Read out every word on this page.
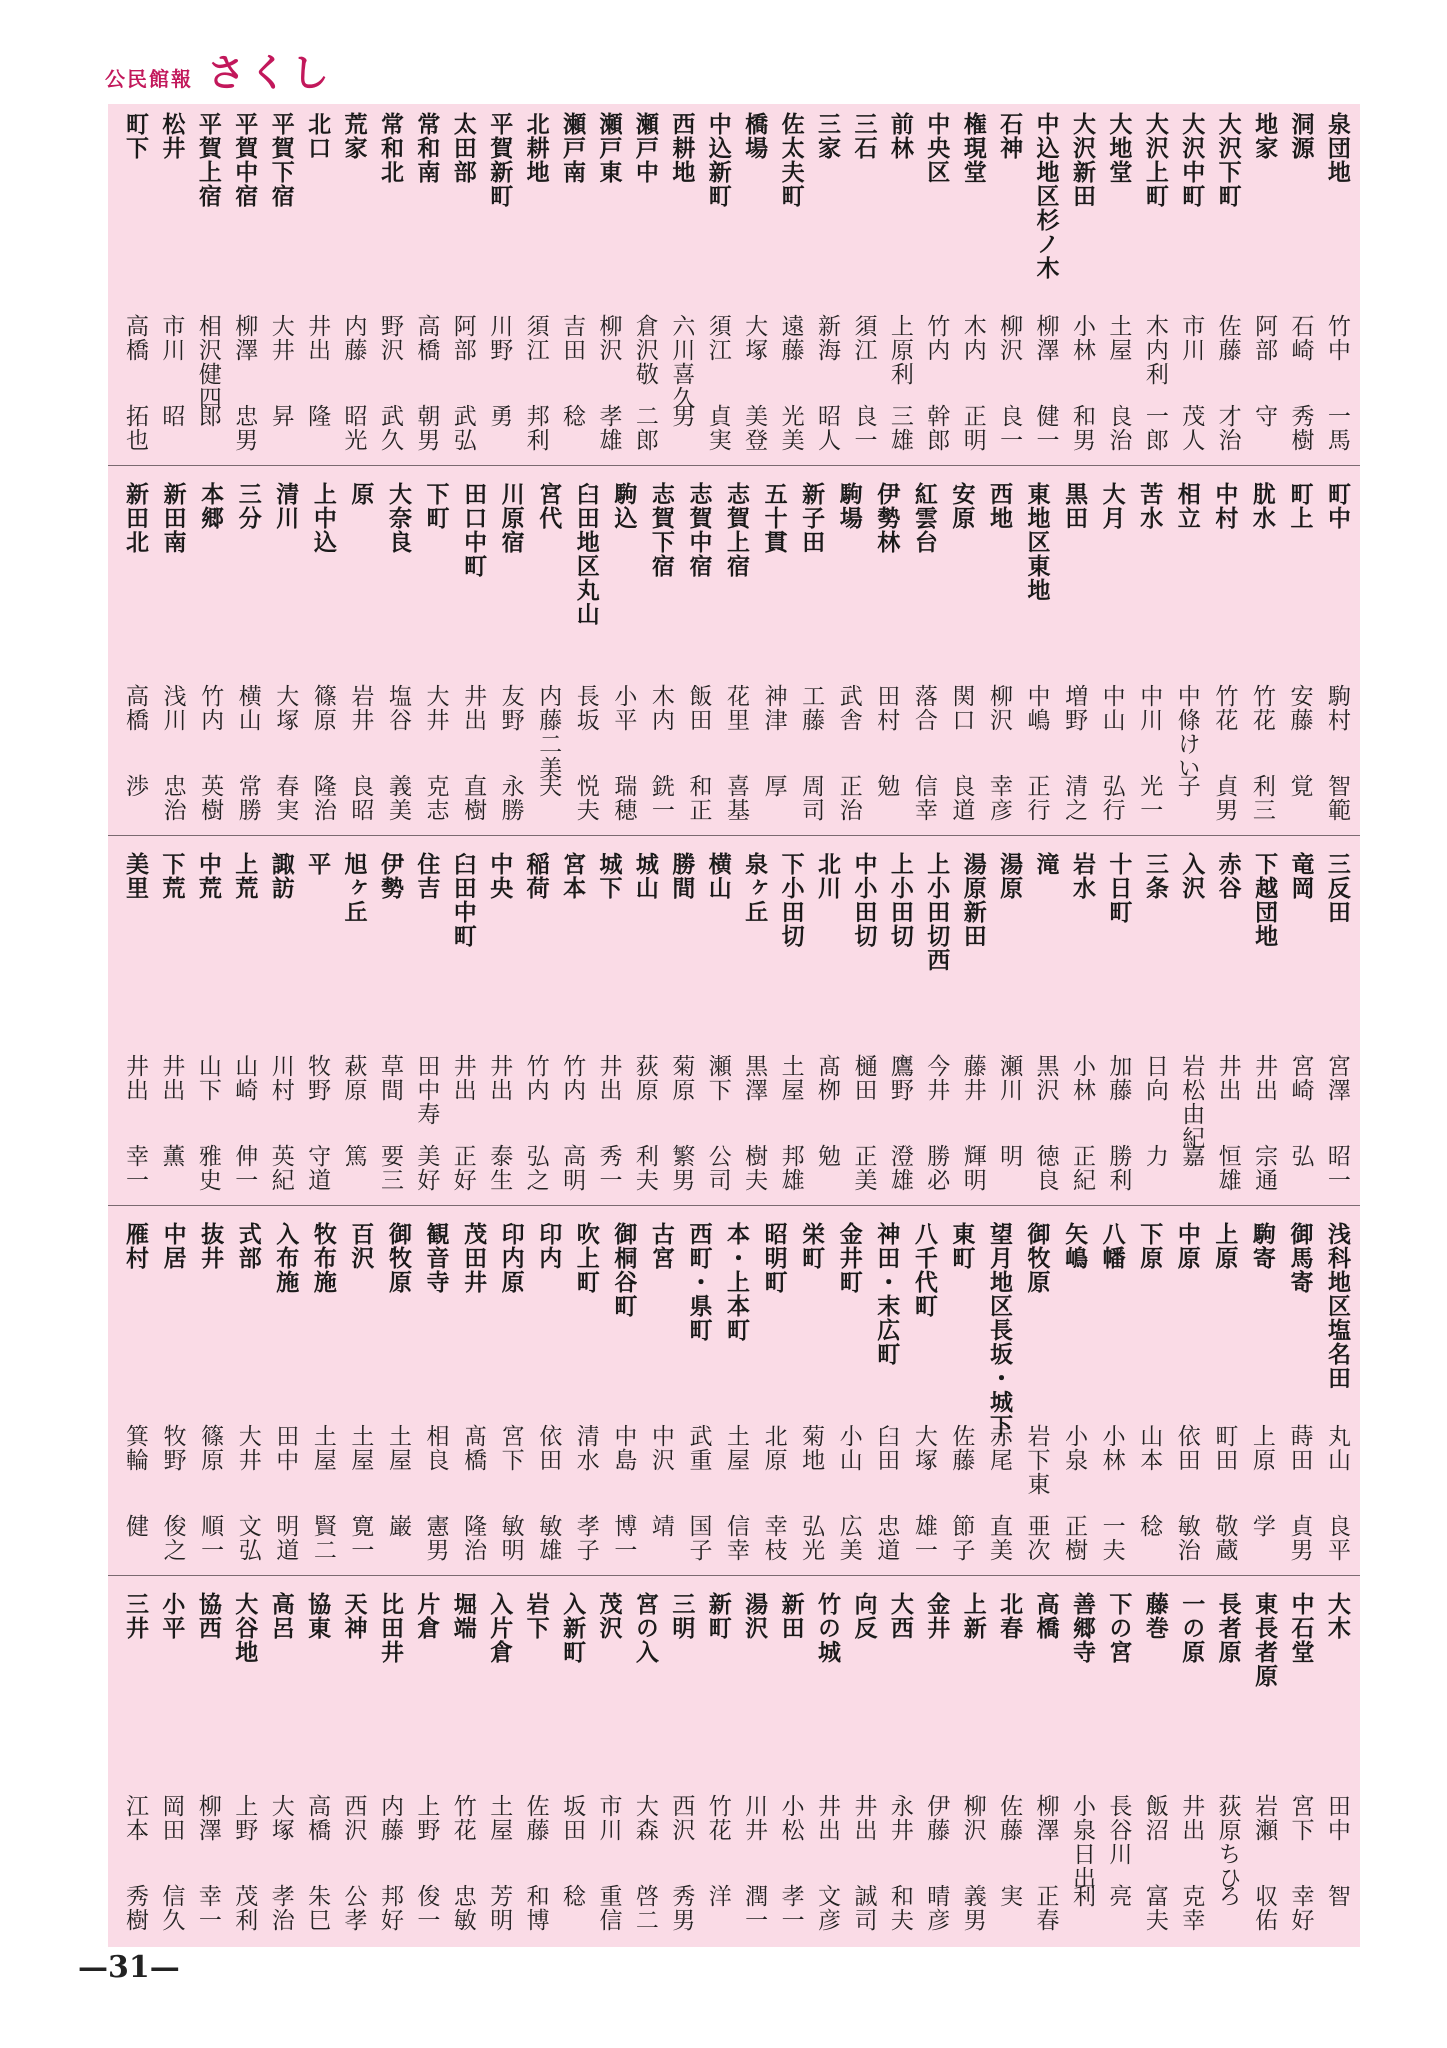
公民館報 さくし
泉団地
竹中
一馬
洞源
石崎
秀樹
地家
阿部
守
大沢下町
佐藤
才治
大沢中町
市川
茂人
大沢上町
木内利
一郎
大地堂
土屋
良治
大沢新田
小林
和男
中込地区杉ノ木
柳澤
健一
石神
柳沢
良一
権現堂
木内
正明
中央区
竹内
幹郎
前林
上原利
三雄
三石
須江
良一
三家
新海
昭人
佐太夫町
遠藤
光美
橋場
大塚
美登
中込新町
須江
貞実
西耕地
六川喜久
男
瀬戸中
倉沢敬
二郎
瀬戸東
柳沢
孝雄
瀬戸南
吉田
稔
北耕地
須江
邦利
平賀新町
川野
勇
太田部
阿部
武弘
常和南
高橋
朝男
常和北
野沢
武久
荒家
内藤
昭光
北口
井出
隆
平賀下宿
大井
昇
平賀中宿
柳澤
忠男
平賀上宿
相沢健四
郎
松井
市川
昭
町下
高橋
拓也
町中
駒村
智範
町上
安藤
覚
肬水
竹花
利三
中村
竹花
貞男
相立
中條けい
子
苦水
中川
光一
大月
中山
弘行
黒田
増野
清之
東地区東地
中嶋
正行
西地
柳沢
幸彦
安原
関口
良道
紅雲台
落合
信幸
伊勢林
田村
勉
駒場
武舎
正治
新子田
工藤
周司
五十貫
神津
厚
志賀上宿
花里
喜基
志賀中宿
飯田
和正
志賀下宿
木内
銑一
駒込
小平
瑞穂
臼田地区丸山
長坂
悦夫
宮代
内藤二美
夫
川原宿
友野
永勝
田口中町
井出
直樹
下町
大井
克志
大奈良
塩谷
義美
原
岩井
良昭
上中込
篠原
隆治
清川
大塚
春実
三分
横山
常勝
本郷
竹内
英樹
新田南
浅川
忠治
新田北
高橋
渉
三反田
宮澤
昭一
竜岡
宮崎
弘
下越団地
井出
宗通
赤谷
井出
恒雄
入沢
岩松由紀
嘉
三条
日向
力
十日町
加藤
勝利
岩水
小林
正紀
滝
黒沢
徳良
湯原
瀬川
明
湯原新田
藤井
輝明
上小田切西
今井
勝必
上小田切
鷹野
澄雄
中小田切
樋田
正美
北川
髙栁
勉
下小田切
土屋
邦雄
泉ヶ丘
黒澤
樹夫
横山
瀬下
公司
勝間
菊原
繁男
城山
荻原
利夫
城下
井出
秀一
宮本
竹内
高明
稲荷
竹内
弘之
中央
井出
泰生
臼田中町
井出
正好
住吉
田中寿
美好
伊勢
草間
要三
旭ヶ丘
萩原
篤
平
牧野
守道
諏訪
川村
英紀
上荒
山崎
伸一
中荒
山下
雅史
下荒
井出
薫
美里
井出
幸一
浅科地区塩名田
丸山
良平
御馬寄
蒔田
貞男
駒寄
上原
学
上原
町田
敬蔵
中原
依田
敏治
下原
山本
稔
八幡
小林
一夫
矢嶋
小泉
正樹
御牧原
岩下東
亜次
望月地区長坂・城下
赤尾
直美
東町
佐藤
節子
八千代町
大塚
雄一
神田・末広町
臼田
忠道
金井町
小山
広美
栄町
菊地
弘光
昭明町
北原
幸枝
本・上本町
土屋
信幸
西町・県町
武重
国子
古宮
中沢
靖
御桐谷町
中島
博一
吹上町
清水
孝子
印内
依田
敏雄
印内原
宮下
敏明
茂田井
髙橋
隆治
観音寺
相良
憲男
御牧原
土屋
巌
百沢
土屋
寛一
牧布施
土屋
賢二
入布施
田中
明道
式部
大井
文弘
抜井
篠原
順一
中居
牧野
俊之
雁村
箕輪
健
大木
田中
智
中石堂
宮下
幸好
東長者原
岩瀬
収佑
長者原
荻原ちひ
ろ
一の原
井出
克幸
藤巻
飯沼
富夫
下の宮
長谷川
亮
善郷寺
小泉日出
利
高橋
柳澤
正春
北春
佐藤
実
上新
柳沢
義男
金井
伊藤
晴彦
大西
永井
和夫
向反
井出
誠司
竹の城
井出
文彦
新田
小松
孝一
湯沢
川井
潤一
新町
竹花
洋
三明
西沢
秀男
宮の入
大森
啓二
茂沢
市川
重信
入新町
坂田
稔
岩下
佐藤
和博
入片倉
土屋
芳明
堀端
竹花
忠敏
片倉
上野
俊一
比田井
内藤
邦好
天神
西沢
公孝
協東
高橋
朱巳
高呂
大塚
孝治
大谷地
上野
茂利
協西
柳澤
幸一
小平
岡田
信久
三井
江本
秀樹
—31—
